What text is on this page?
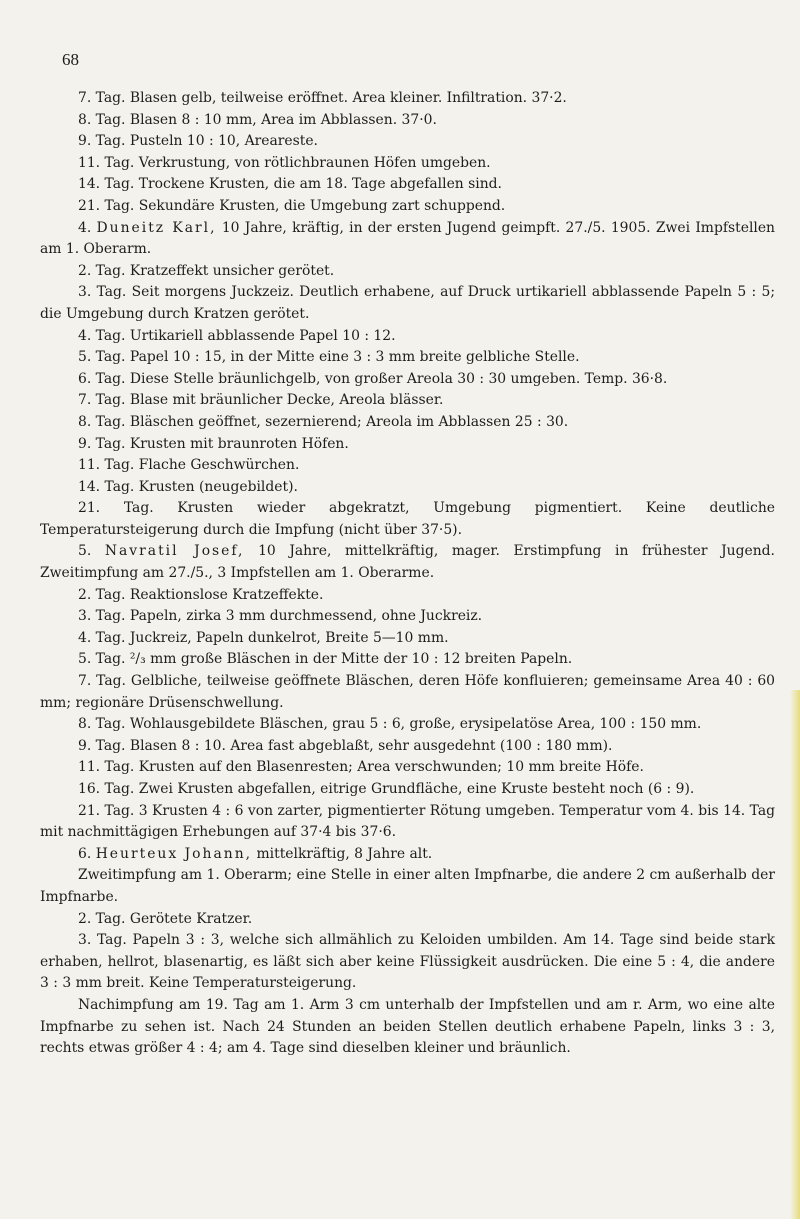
68

7. Tag. Blasen gelb, teilweise eröffnet. Area kleiner. Infiltration. 37·2.

8. Tag. Blasen 8 : 10 mm, Area im Abblassen. 37·0.

9. Tag. Pusteln 10 : 10, Areareste.

11. Tag. Verkrustung, von rötlichbraunen Höfen umgeben.

14. Tag. Trockene Krusten, die am 18. Tage abgefallen sind.

21. Tag. Sekundäre Krusten, die Umgebung zart schuppend.

4. Duneitz Karl, 10 Jahre, kräftig, in der ersten Jugend geimpft. 27./5. 1905. Zwei Impfstellen am 1. Oberarm.

2. Tag. Kratzeffekt unsicher gerötet.

3. Tag. Seit morgens Juckzeiz. Deutlich erhabene, auf Druck urtikariell abblassende Papeln 5 : 5; die Umgebung durch Kratzen gerötet.

4. Tag. Urtikariell abblassende Papel 10 : 12.

5. Tag. Papel 10 : 15, in der Mitte eine 3 : 3 mm breite gelbliche Stelle.

6. Tag. Diese Stelle bräunlichgelb, von großer Areola 30 : 30 umgeben. Temp. 36·8.

7. Tag. Blase mit bräunlicher Decke, Areola blässer.

8. Tag. Bläschen geöffnet, sezernierend; Areola im Abblassen 25 : 30.

9. Tag. Krusten mit braunroten Höfen.

11. Tag. Flache Geschwürchen.

14. Tag. Krusten (neugebildet).

21. Tag. Krusten wieder abgekratzt, Umgebung pigmentiert. Keine deutliche Temperatursteigerung durch die Impfung (nicht über 37·5).

5. Navratil Josef, 10 Jahre, mittelkräftig, mager. Erstimpfung in frühester Jugend. Zweitimpfung am 27./5., 3 Impfstellen am 1. Oberarme.

2. Tag. Reaktionslose Kratzeffekte.

3. Tag. Papeln, zirka 3 mm durchmessend, ohne Juckreiz.

4. Tag. Juckreiz, Papeln dunkelrot, Breite 5—10 mm.

5. Tag. ²/₃ mm große Bläschen in der Mitte der 10 : 12 breiten Papeln.

7. Tag. Gelbliche, teilweise geöffnete Bläschen, deren Höfe konfluieren; gemeinsame Area 40 : 60 mm; regionäre Drüsenschwellung.

8. Tag. Wohlausgebildete Bläschen, grau 5 : 6, große, erysipelatöse Area, 100 : 150 mm.

9. Tag. Blasen 8 : 10. Area fast abgeblaßt, sehr ausgedehnt (100 : 180 mm).

11. Tag. Krusten auf den Blasenresten; Area verschwunden; 10 mm breite Höfe.

16. Tag. Zwei Krusten abgefallen, eitrige Grundfläche, eine Kruste besteht noch (6 : 9).

21. Tag. 3 Krusten 4 : 6 von zarter, pigmentierter Rötung umgeben. Temperatur vom 4. bis 14. Tag mit nachmittägigen Erhebungen auf 37·4 bis 37·6.

6. Heurteux Johann, mittelkräftig, 8 Jahre alt.

Zweitimpfung am 1. Oberarm; eine Stelle in einer alten Impfnarbe, die andere 2 cm außerhalb der Impfnarbe.

2. Tag. Gerötete Kratzer.

3. Tag. Papeln 3 : 3, welche sich allmählich zu Keloiden umbilden. Am 14. Tage sind beide stark erhaben, hellrot, blasenartig, es läßt sich aber keine Flüssigkeit ausdrücken. Die eine 5 : 4, die andere 3 : 3 mm breit. Keine Temperatursteigerung.

Nachimpfung am 19. Tag am 1. Arm 3 cm unterhalb der Impfstellen und am r. Arm, wo eine alte Impfnarbe zu sehen ist. Nach 24 Stunden an beiden Stellen deutlich erhabene Papeln, links 3 : 3, rechts etwas größer 4 : 4; am 4. Tage sind dieselben kleiner und bräunlich.
